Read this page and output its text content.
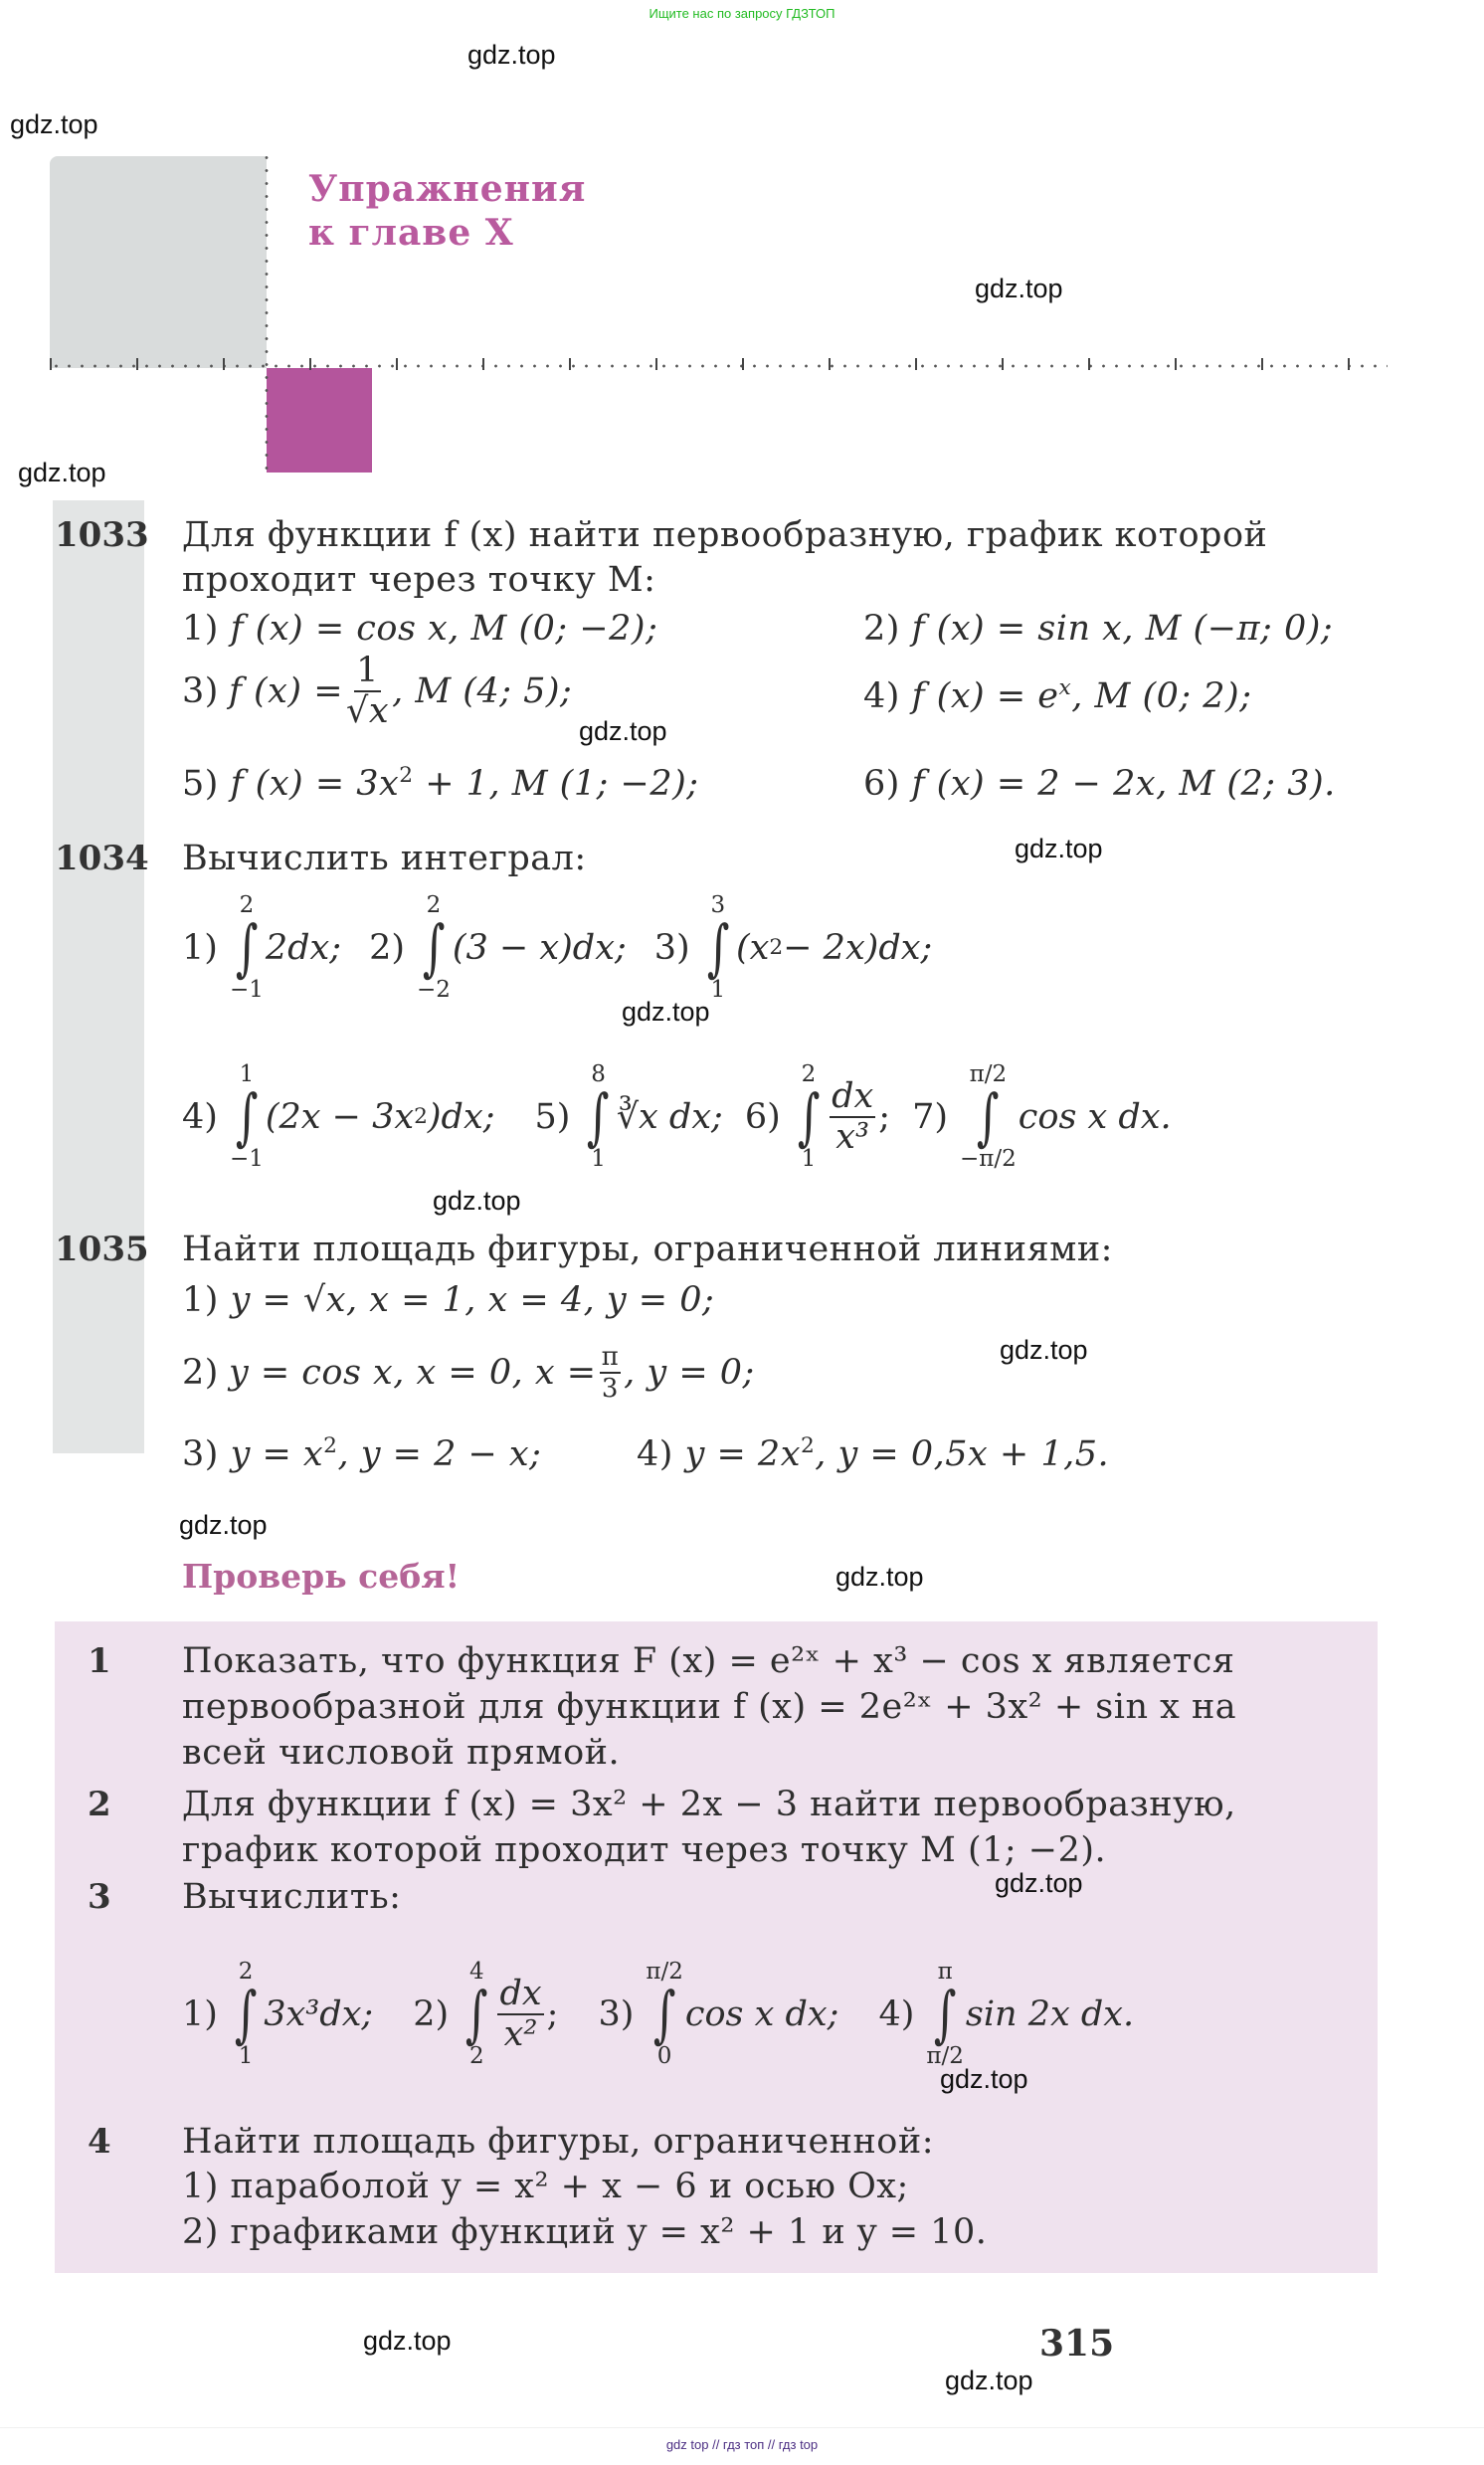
Ищите нас по запросу ГДЗТОП
Упражнения
к главе X
1033 Для функции f (x) найти первообразную, график которой
проходит через точку M:
1) f (x) = cos x, M (0; −2);	2) f (x) = sin x, M (−π; 0);
3) f $(x) = \frac{1}{√x}$ , M (4; 5);	4) f $(x) = e^x$, M (0; 2);
5) f $(x) = 3x^2 + 1$, M (1; −2);	6) f (x) = 2 − 2x, M (2; 3).
1034 Вычислить интеграл:
1)
2
∫
−1
2dx; 2)
2
∫
−2
(3 − x)dx; 3)
3
∫
1
(x 2 − 2x)dx;
4)
1
∫
−1
(2x − 3x 2 )dx; 5)
8
∫
1
∛x dx; 6)
2
∫
1
$\frac{dx}{\text{x³}}$ ; 7)
π/2
∫
−π/2
cos x dx.
1035 Найти площадь фигуры, ограниченной линиями:
1) y = √x, x = 1, x = 4, y = 0;
2) y = cos x, x = 0, $x = \frac{\pi}{3}$ , y = 0;
3) $y = x^2$, y = 2 − x;	4) $y = 2x^2$, y = 0,5x + 1,5.
Проверь себя!
1 Показать, что функция F (x) = e²ˣ + x³ − cos x является
первообразной для функции f (x) = 2e²ˣ + 3x² + sin x на
всей числовой прямой.
2 Для функции f (x) = 3x² + 2x − 3 найти первообразную,
график которой проходит через точку M (1; −2).
3 Вычислить:
1)
2
∫
1
3x³dx; 2)
4
∫
2
$\frac{dx}{\text{x²}}$ ; 3)
π/2
∫
0
cos x dx; 4)
π
∫
π/2
sin 2x dx.
4 Найти площадь фигуры, ограниченной:
1) параболой y = x² + x − 6 и осью Ox;
2) графиками функций y = x² + 1 и y = 10.
315
gdz top // гдз топ // гдз top
gdz.top
gdz.top
gdz.top
gdz.top
gdz.top
gdz.top
gdz.top
gdz.top
gdz.top
gdz.top
gdz.top
gdz.top
gdz.top
gdz.top
gdz.top
